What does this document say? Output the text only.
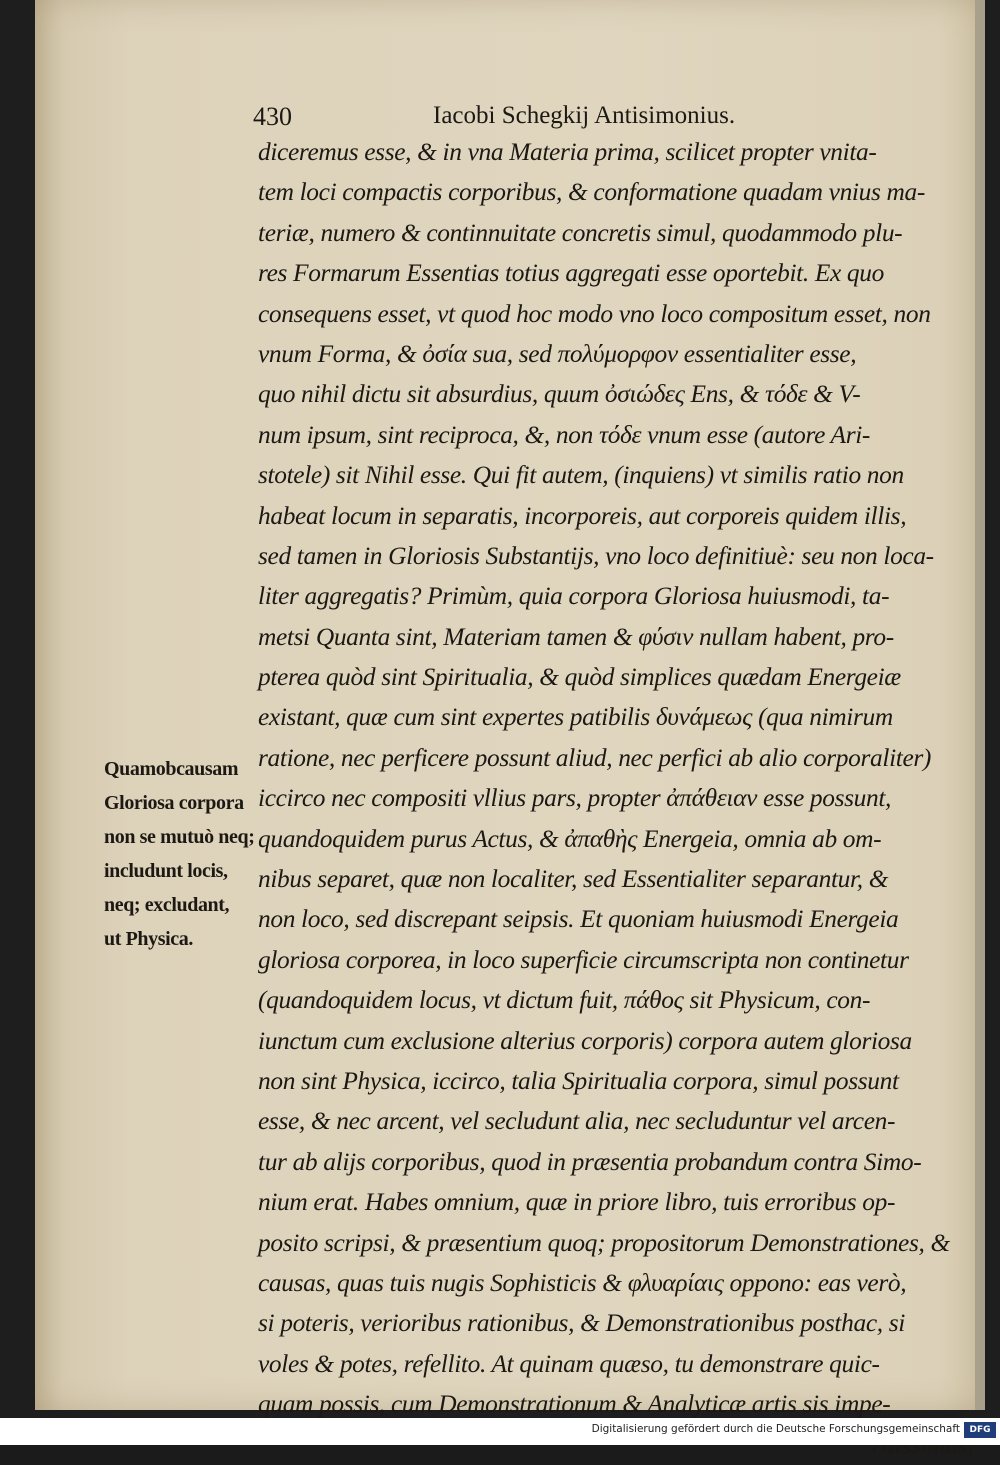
430	Iacobi Schegkij Antisimonius.
diceremus esse, & in vna Materia prima, scilicet propter vnita-
tem loci compactis corporibus, & conformatione quadam vnius ma-
teriæ, numero & continnuitate concretis simul, quodammodo plu-
res Formarum Essentias totius aggregati esse oportebit. Ex quo
consequens esset, vt quod hoc modo vno loco compositum esset, non
vnum Forma, & ὀσία sua, sed πολύμορφον essentialiter esse,
quo nihil dictu sit absurdius, quum ὀσιώδες Ens, & τόδε & V-
num ipsum, sint reciproca, &, non τόδε vnum esse (autore Ari-
stotele) sit Nihil esse. Qui fit autem, (inquiens) vt similis ratio non
habeat locum in separatis, incorporeis, aut corporeis quidem illis,
sed tamen in Gloriosis Substantijs, vno loco definitiuè: seu non loca-
liter aggregatis? Primùm, quia corpora Gloriosa huiusmodi, ta-
metsi Quanta sint, Materiam tamen & φύσιν nullam habent, pro-
pterea quòd sint Spiritualia, & quòd simplices quædam Energeiæ
existant, quæ cum sint expertes patibilis δυνάμεως (qua nimirum
ratione, nec perficere possunt aliud, nec perfici ab alio corporaliter)
iccirco nec compositi vllius pars, propter ἀπάθειαν esse possunt,
quandoquidem purus Actus, & ἀπαθὴς Energeia, omnia ab om-
nibus separet, quæ non localiter, sed Essentialiter separantur, &
non loco, sed discrepant seipsis. Et quoniam huiusmodi Energeia
gloriosa corporea, in loco superficie circumscripta non continetur
(quandoquidem locus, vt dictum fuit, πάθος sit Physicum, con-
iunctum cum exclusione alterius corporis) corpora autem gloriosa
non sint Physica, iccirco, talia Spiritualia corpora, simul possunt
esse, & nec arcent, vel secludunt alia, nec secluduntur vel arcen-
tur ab alijs corporibus, quod in præsentia probandum contra Simo-
nium erat. Habes omnium, quæ in priore libro, tuis erroribus op-
posito scripsi, & præsentium quoq; propositorum Demonstrationes, &
causas, quas tuis nugis Sophisticis & φλυαρίαις oppono: eas verò,
si poteris, verioribus rationibus, & Demonstrationibus posthac, si
voles & potes, refellito. At quinam quæso, tu demonstrare quic-
quam possis, cum Demonstrationum & Analyticæ artis sis impe-
Quamobcausam
Gloriosa corpora
non se mutuò neq;
includunt locis,
neq; excludant,
ut Physica.
Digitalisierung gefördert durch die Deutsche Forschungsgemeinschaft	DFG
